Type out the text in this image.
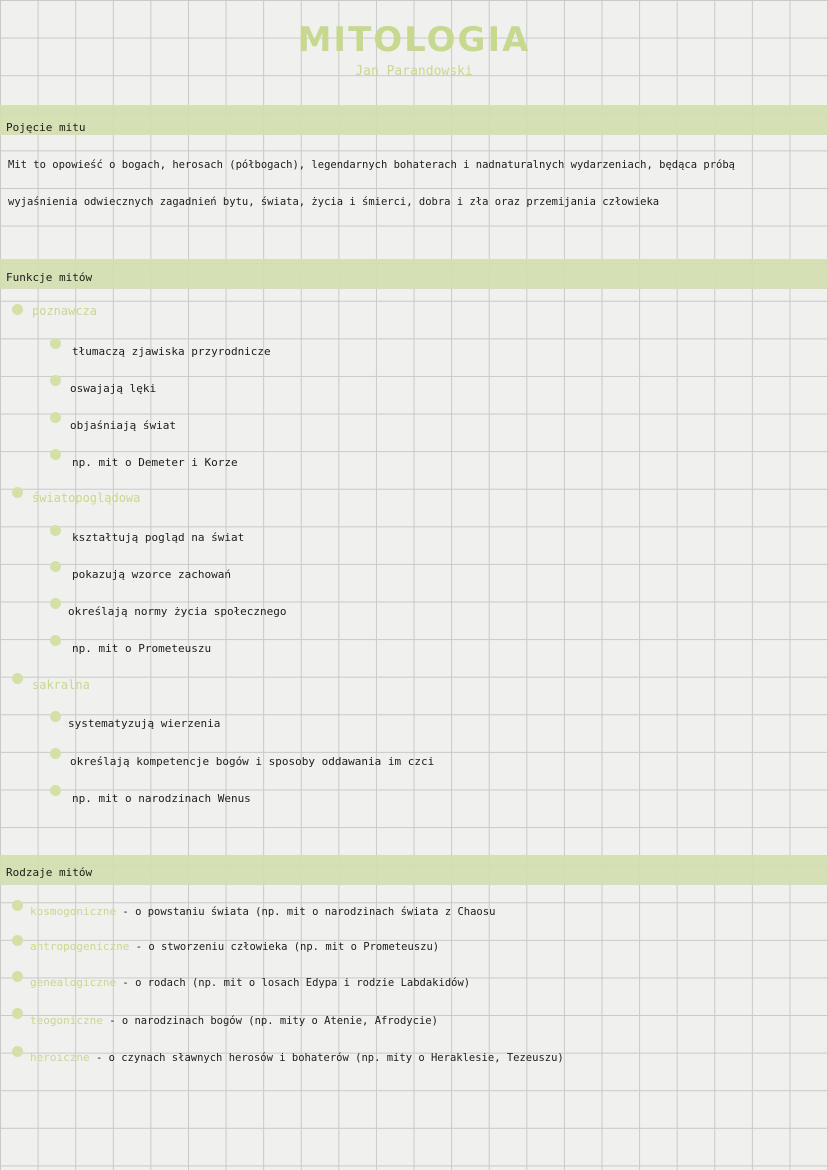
MITOLOGIA
Jan Parandowski
Pojęcie mitu
Mit to opowieść o bogach, herosach (półbogach), legendarnych bohaterach i nadnaturalnych wydarzeniach, będąca próbą
wyjaśnienia odwiecznych zagadnień bytu, świata, życia i śmierci, dobra i zła oraz przemijania człowieka
Funkcje mitów
poznawcza
tłumaczą zjawiska przyrodnicze
oswajają lęki
objaśniają świat
np. mit o Demeter i Korze
światopoglądowa
kształtują pogląd na świat
pokazują wzorce zachowań
określają normy życia społecznego
np. mit o Prometeuszu
sakralna
systematyzują wierzenia
określają kompetencje bogów i sposoby oddawania im czci
np. mit o narodzinach Wenus
Rodzaje mitów
kosmogoniczne - o powstaniu świata (np. mit o narodzinach świata z Chaosu
antropogeniczne - o stworzeniu człowieka (np. mit o Prometeuszu)
genealogiczne - o rodach (np. mit o losach Edypa i rodzie Labdakidów)
teogoniczne - o narodzinach bogów (np. mity o Atenie, Afrodycie)
heroiczne - o czynach sławnych herosów i bohaterów (np. mity o Heraklesie, Tezeuszu)
